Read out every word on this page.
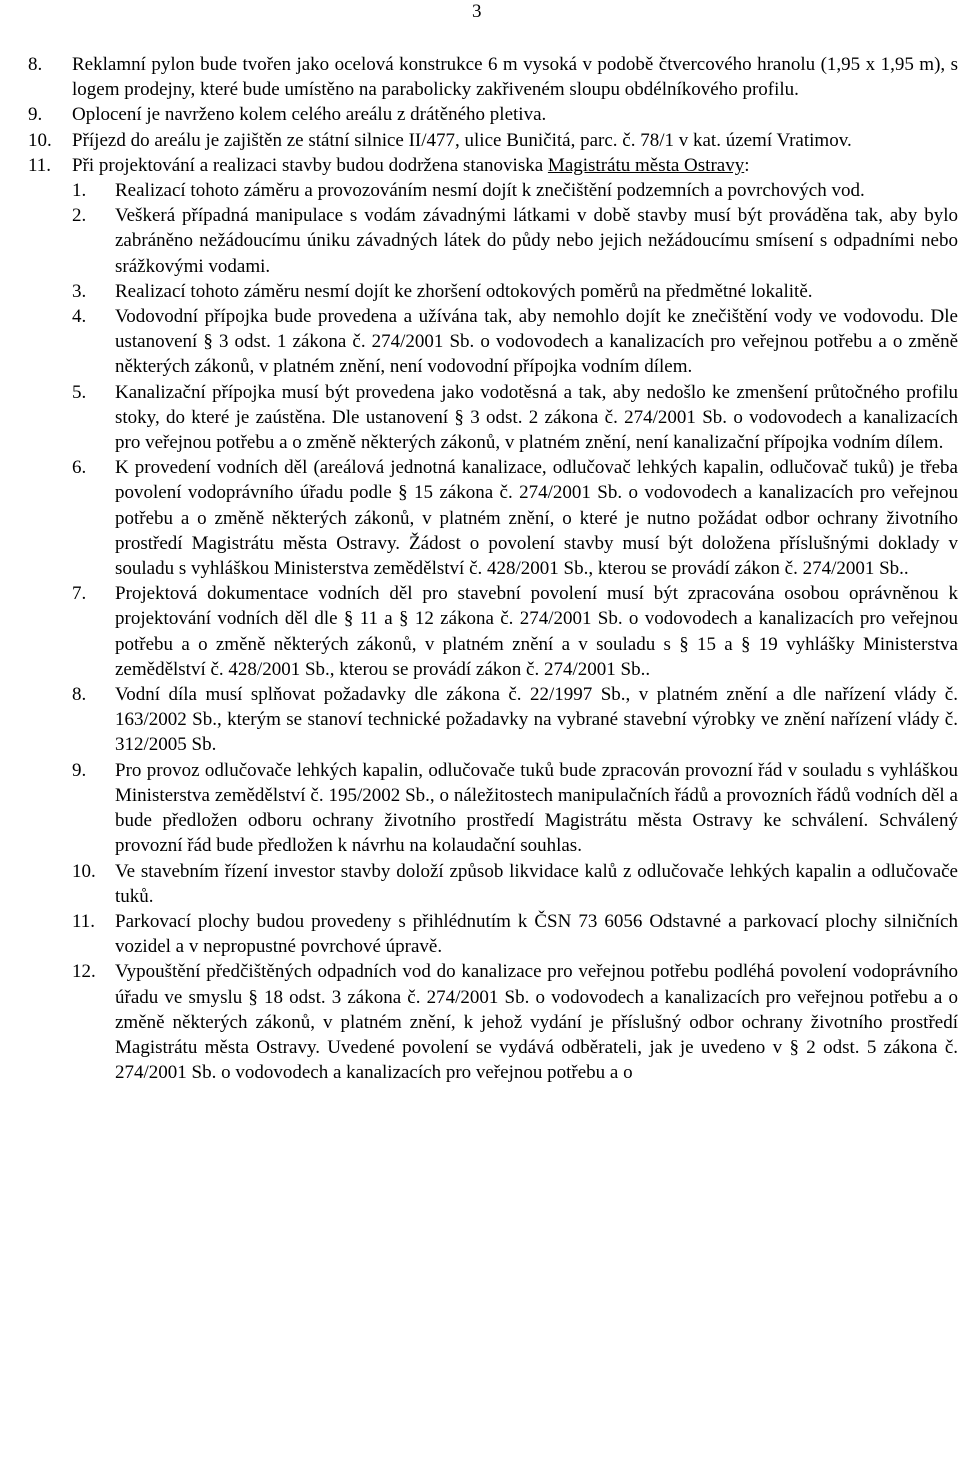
3
8.	Reklamní pylon bude tvořen jako ocelová konstrukce 6 m vysoká v podobě čtvercového hranolu (1,95 x 1,95 m), s logem prodejny, které bude umístěno na parabolicky zakřiveném sloupu obdélníkového profilu.
9.	Oplocení je navrženo kolem celého areálu z drátěného pletiva.
10.	Příjezd do areálu je zajištěn ze státní silnice II/477, ulice Buničitá, parc. č. 78/1 v kat. území Vratimov.
11.	Při projektování a realizaci stavby budou dodržena stanoviska Magistrátu města Ostravy:
1.	Realizací tohoto záměru a provozováním nesmí dojít k znečištění podzemních a povrchových vod.
2.	Veškerá případná manipulace s vodám závadnými látkami v době stavby musí být prováděna tak, aby bylo zabráněno nežádoucímu úniku závadných látek do půdy nebo jejich nežádoucímu smísení s odpadními nebo srážkovými vodami.
3.	Realizací tohoto záměru nesmí dojít ke zhoršení odtokových poměrů na předmětné lokalitě.
4.	Vodovodní přípojka bude provedena a užívána tak, aby nemohlo dojít ke znečištění vody ve vodovodu. Dle ustanovení § 3 odst. 1 zákona č. 274/2001 Sb. o vodovodech a kanalizacích pro veřejnou potřebu a o změně některých zákonů, v platném znění, není vodovodní přípojka vodním dílem.
5.	Kanalizační přípojka musí být provedena jako vodotěsná a tak, aby nedošlo ke zmenšení průtočného profilu stoky, do které je zaústěna. Dle ustanovení § 3 odst. 2 zákona č. 274/2001 Sb. o vodovodech a kanalizacích pro veřejnou potřebu a o změně některých zákonů, v platném znění, není kanalizační přípojka vodním dílem.
6.	K provedení vodních děl (areálová jednotná kanalizace, odlučovač lehkých kapalin, odlučovač tuků) je třeba povolení vodoprávního úřadu podle § 15 zákona č. 274/2001 Sb. o vodovodech a kanalizacích pro veřejnou potřebu a o změně některých zákonů, v platném znění, o které je nutno požádat odbor ochrany životního prostředí Magistrátu města Ostravy. Žádost o povolení stavby musí být doložena příslušnými doklady v souladu s vyhláškou Ministerstva zemědělství č. 428/2001 Sb., kterou se provádí zákon č. 274/2001 Sb..
7.	Projektová dokumentace vodních děl pro stavební povolení musí být zpracována osobou oprávněnou k projektování vodních děl dle § 11 a § 12 zákona č. 274/2001 Sb. o vodovodech a kanalizacích pro veřejnou potřebu a o změně některých zákonů, v platném znění a v souladu s § 15 a § 19 vyhlášky Ministerstva zemědělství č. 428/2001 Sb., kterou se provádí zákon č. 274/2001 Sb..
8.	Vodní díla musí splňovat požadavky dle zákona č. 22/1997 Sb., v platném znění a dle nařízení vlády č. 163/2002 Sb., kterým se stanoví technické požadavky na vybrané stavební výrobky ve znění nařízení vlády č. 312/2005 Sb.
9.	Pro provoz odlučovače lehkých kapalin, odlučovače tuků bude zpracován provozní řád v souladu s vyhláškou Ministerstva zemědělství č. 195/2002 Sb., o náležitostech manipulačních řádů a provozních řádů vodních děl a bude předložen odboru ochrany životního prostředí Magistrátu města Ostravy ke schválení. Schválený provozní řád bude předložen k návrhu na kolaudační souhlas.
10.	Ve stavebním řízení investor stavby doloží způsob likvidace kalů z odlučovače lehkých kapalin a odlučovače tuků.
11.	Parkovací plochy budou provedeny s přihlédnutím k ČSN 73 6056 Odstavné a parkovací plochy silničních vozidel a v nepropustné povrchové úpravě.
12.	Vypouštění předčištěných odpadních vod do kanalizace pro veřejnou potřebu podléhá povolení vodoprávního úřadu ve smyslu § 18 odst. 3 zákona č. 274/2001 Sb. o vodovodech a kanalizacích pro veřejnou potřebu a o změně některých zákonů, v platném znění, k jehož vydání je příslušný odbor ochrany životního prostředí Magistrátu města Ostravy. Uvedené povolení se vydává odběrateli, jak je uvedeno v § 2 odst. 5 zákona č. 274/2001 Sb. o vodovodech a kanalizacích pro veřejnou potřebu a o
